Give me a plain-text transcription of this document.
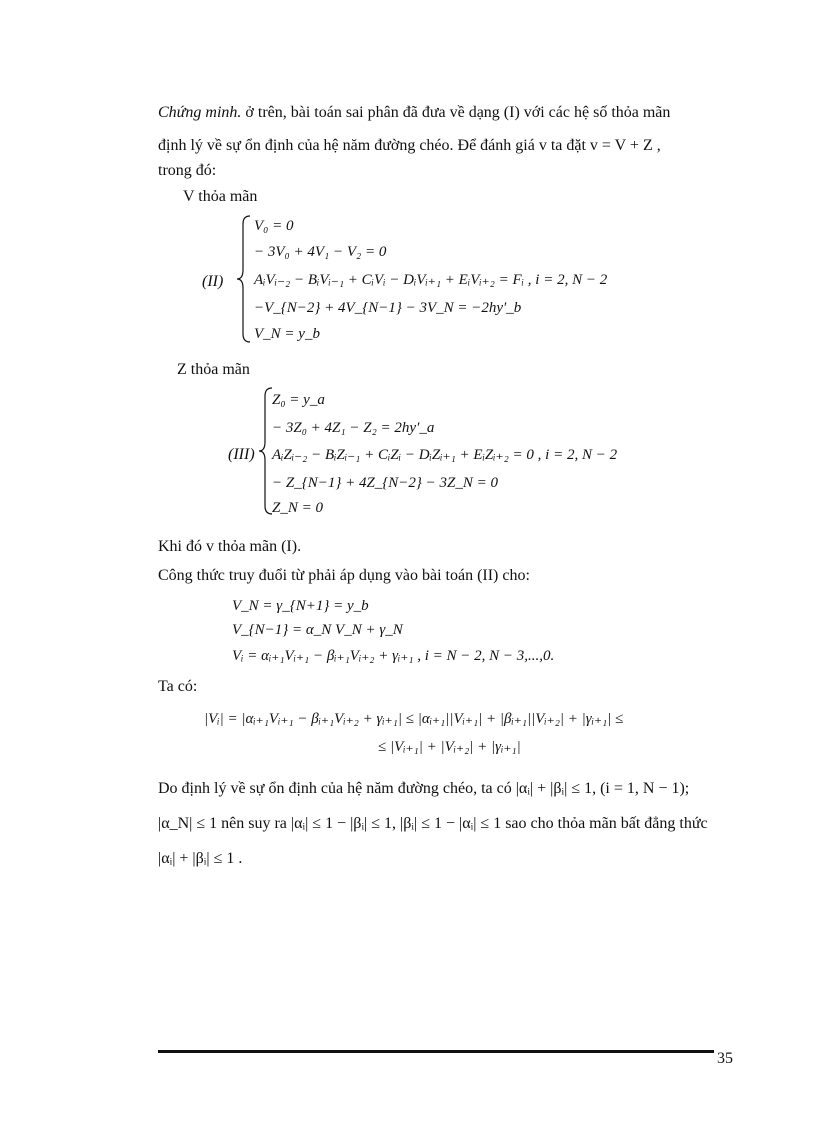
Chứng minh. ở trên, bài toán sai phân đã đưa về dạng (I) với các hệ số thỏa mãn
định lý về sự ổn định của hệ năm đường chéo. Để đánh giá v ta đặt v = V + Z ,
trong đó:
V thỏa mãn
(II)
V₀ = 0
− 3V₀ + 4V₁ − V₂ = 0
AᵢVᵢ₋₂ − BᵢVᵢ₋₁ + CᵢVᵢ − DᵢVᵢ₊₁ + EᵢVᵢ₊₂ = Fᵢ , i = 2, N − 2
−V_{N−2} + 4V_{N−1} − 3V_N = −2hy′_b
V_N = y_b
Z thỏa mãn
(III)
Z₀ = y_a
− 3Z₀ + 4Z₁ − Z₂ = 2hy′_a
AᵢZᵢ₋₂ − BᵢZᵢ₋₁ + CᵢZᵢ − DᵢZᵢ₊₁ + EᵢZᵢ₊₂ = 0 , i = 2, N − 2
− Z_{N−1} + 4Z_{N−2} − 3Z_N = 0
Z_N = 0
Khi đó v thỏa mãn (I).
Công thức truy đuổi từ phải áp dụng vào bài toán (II) cho:
V_N = γ_{N+1} = y_b
V_{N−1} = α_N V_N + γ_N
Vᵢ = αᵢ₊₁Vᵢ₊₁ − βᵢ₊₁Vᵢ₊₂ + γᵢ₊₁ , i = N − 2, N − 3,...,0.
Ta có:
|Vᵢ| = |αᵢ₊₁Vᵢ₊₁ − βᵢ₊₁Vᵢ₊₂ + γᵢ₊₁| ≤ |αᵢ₊₁||Vᵢ₊₁| + |βᵢ₊₁||Vᵢ₊₂| + |γᵢ₊₁| ≤
≤ |Vᵢ₊₁| + |Vᵢ₊₂| + |γᵢ₊₁|
Do định lý về sự ổn định của hệ năm đường chéo, ta có |αᵢ| + |βᵢ| ≤ 1, (i = 1, N − 1);
|α_N| ≤ 1 nên suy ra |αᵢ| ≤ 1 − |βᵢ| ≤ 1, |βᵢ| ≤ 1 − |αᵢ| ≤ 1 sao cho thỏa mãn bất đẳng thức
|αᵢ| + |βᵢ| ≤ 1 .
35
